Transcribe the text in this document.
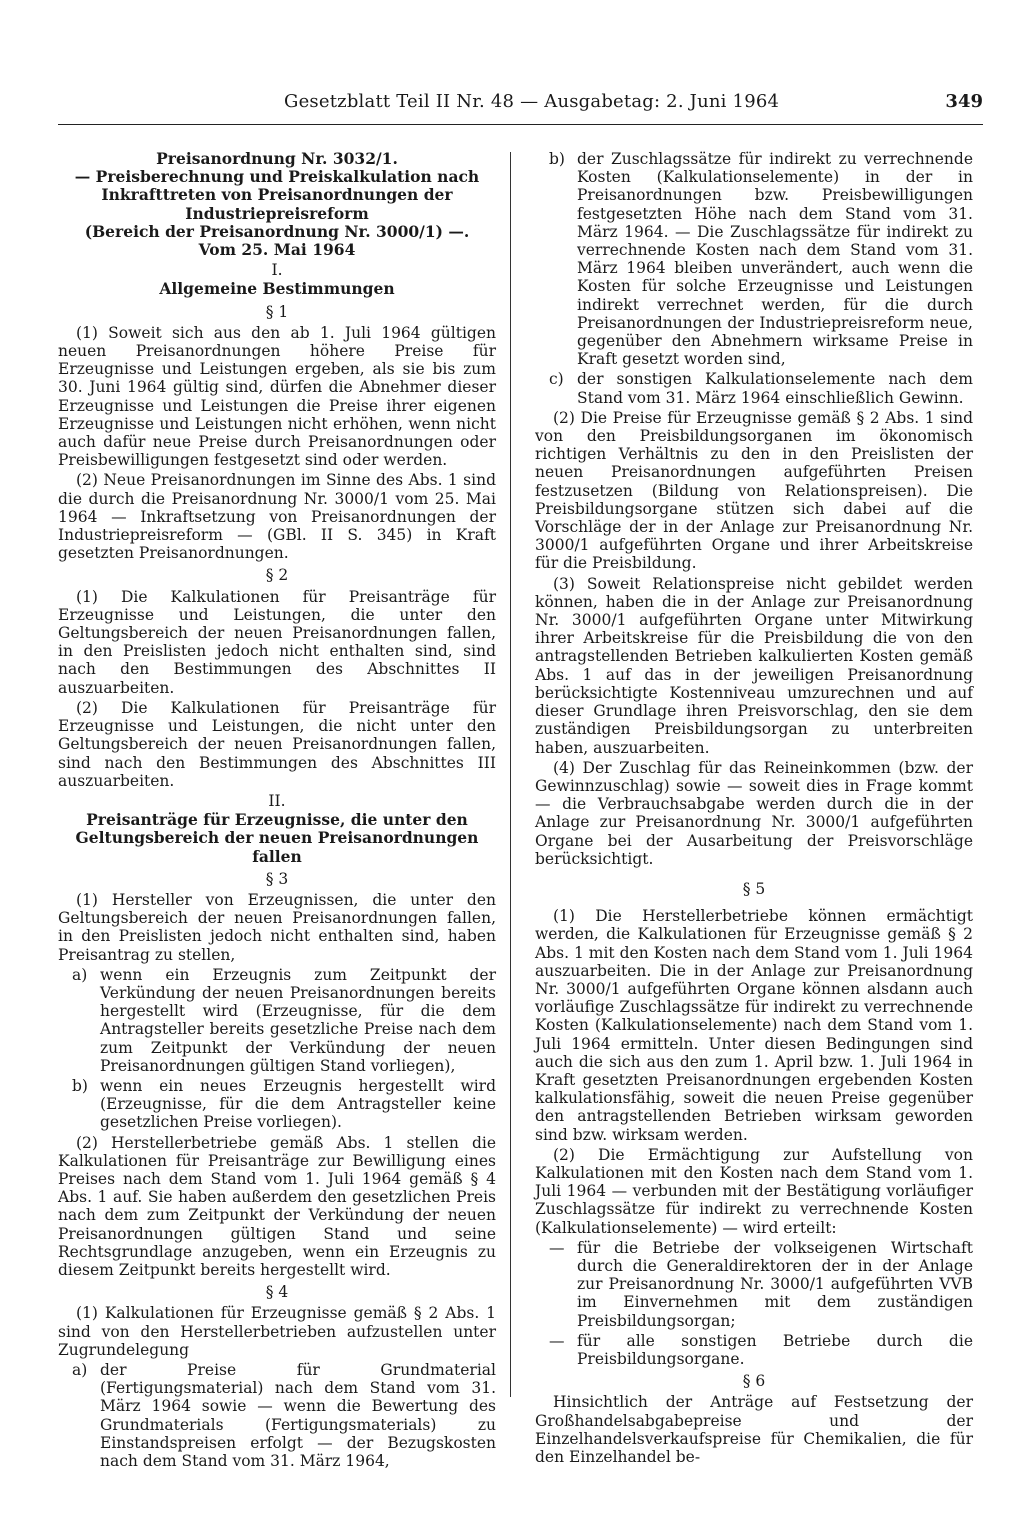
Gesetzblatt Teil II Nr. 48 — Ausgabetag: 2. Juni 1964	349
Preisanordnung Nr. 3032/1.
— Preisberechnung und Preiskalkulation nach Inkrafttreten von Preisanordnungen der Industriepreisreform
(Bereich der Preisanordnung Nr. 3000/1) —.
Vom 25. Mai 1964
I.
Allgemeine Bestimmungen
§ 1

(1) Soweit sich aus den ab 1. Juli 1964 gültigen neuen Preisanordnungen höhere Preise für Erzeugnisse und Leistungen ergeben, als sie bis zum 30. Juni 1964 gültig sind, dürfen die Abnehmer dieser Erzeugnisse und Leistungen die Preise ihrer eigenen Erzeugnisse und Leistungen nicht erhöhen, wenn nicht auch dafür neue Preise durch Preisanordnungen oder Preisbewilligungen festgesetzt sind oder werden.

(2) Neue Preisanordnungen im Sinne des Abs. 1 sind die durch die Preisanordnung Nr. 3000/1 vom 25. Mai 1964 — Inkraftsetzung von Preisanordnungen der Industriepreisreform — (GBl. II S. 345) in Kraft gesetzten Preisanordnungen.

§ 2

(1) Die Kalkulationen für Preisanträge für Erzeugnisse und Leistungen, die unter den Geltungsbereich der neuen Preisanordnungen fallen, in den Preislisten jedoch nicht enthalten sind, sind nach den Bestimmungen des Abschnittes II auszuarbeiten.

(2) Die Kalkulationen für Preisanträge für Erzeugnisse und Leistungen, die nicht unter den Geltungsbereich der neuen Preisanordnungen fallen, sind nach den Bestimmungen des Abschnittes III auszuarbeiten.

II.
Preisanträge für Erzeugnisse, die unter den Geltungsbereich der neuen Preisanordnungen fallen
§ 3

(1) Hersteller von Erzeugnissen, die unter den Geltungsbereich der neuen Preisanordnungen fallen, in den Preislisten jedoch nicht enthalten sind, haben Preisantrag zu stellen,

a) wenn ein Erzeugnis zum Zeitpunkt der Verkündung der neuen Preisanordnungen bereits hergestellt wird (Erzeugnisse, für die dem Antragsteller bereits gesetzliche Preise nach dem zum Zeitpunkt der Verkündung der neuen Preisanordnungen gültigen Stand vorliegen),
b) wenn ein neues Erzeugnis hergestellt wird (Erzeugnisse, für die dem Antragsteller keine gesetzlichen Preise vorliegen).

(2) Herstellerbetriebe gemäß Abs. 1 stellen die Kalkulationen für Preisanträge zur Bewilligung eines Preises nach dem Stand vom 1. Juli 1964 gemäß § 4 Abs. 1 auf. Sie haben außerdem den gesetzlichen Preis nach dem zum Zeitpunkt der Verkündung der neuen Preisanordnungen gültigen Stand und seine Rechtsgrundlage anzugeben, wenn ein Erzeugnis zu diesem Zeitpunkt bereits hergestellt wird.

§ 4

(1) Kalkulationen für Erzeugnisse gemäß § 2 Abs. 1 sind von den Herstellerbetrieben aufzustellen unter Zugrundelegung

a) der Preise für Grundmaterial (Fertigungsmaterial) nach dem Stand vom 31. März 1964 sowie — wenn die Bewertung des Grundmaterials (Fertigungsmaterials) zu Einstandspreisen erfolgt — der Bezugskosten nach dem Stand vom 31. März 1964,
b) der Zuschlagssätze für indirekt zu verrechnende Kosten (Kalkulationselemente) in der in Preisanordnungen bzw. Preisbewilligungen festgesetzten Höhe nach dem Stand vom 31. März 1964. — Die Zuschlagssätze für indirekt zu verrechnende Kosten nach dem Stand vom 31. März 1964 bleiben unverändert, auch wenn die Kosten für solche Erzeugnisse und Leistungen indirekt verrechnet werden, für die durch Preisanordnungen der Industriepreisreform neue, gegenüber den Abnehmern wirksame Preise in Kraft gesetzt worden sind,
c) der sonstigen Kalkulationselemente nach dem Stand vom 31. März 1964 einschließlich Gewinn.

(2) Die Preise für Erzeugnisse gemäß § 2 Abs. 1 sind von den Preisbildungsorganen im ökonomisch richtigen Verhältnis zu den in den Preislisten der neuen Preisanordnungen aufgeführten Preisen festzusetzen (Bildung von Relationspreisen). Die Preisbildungsorgane stützen sich dabei auf die Vorschläge der in der Anlage zur Preisanordnung Nr. 3000/1 aufgeführten Organe und ihrer Arbeitskreise für die Preisbildung.

(3) Soweit Relationspreise nicht gebildet werden können, haben die in der Anlage zur Preisanordnung Nr. 3000/1 aufgeführten Organe unter Mitwirkung ihrer Arbeitskreise für die Preisbildung die von den antragstellenden Betrieben kalkulierten Kosten gemäß Abs. 1 auf das in der jeweiligen Preisanordnung berücksichtigte Kostenniveau umzurechnen und auf dieser Grundlage ihren Preisvorschlag, den sie dem zuständigen Preisbildungsorgan zu unterbreiten haben, auszuarbeiten.

(4) Der Zuschlag für das Reineinkommen (bzw. der Gewinnzuschlag) sowie — soweit dies in Frage kommt — die Verbrauchsabgabe werden durch die in der Anlage zur Preisanordnung Nr. 3000/1 aufgeführten Organe bei der Ausarbeitung der Preisvorschläge berücksichtigt.

§ 5

(1) Die Herstellerbetriebe können ermächtigt werden, die Kalkulationen für Erzeugnisse gemäß § 2 Abs. 1 mit den Kosten nach dem Stand vom 1. Juli 1964 auszuarbeiten. Die in der Anlage zur Preisanordnung Nr. 3000/1 aufgeführten Organe können alsdann auch vorläufige Zuschlagssätze für indirekt zu verrechnende Kosten (Kalkulationselemente) nach dem Stand vom 1. Juli 1964 ermitteln. Unter diesen Bedingungen sind auch die sich aus den zum 1. April bzw. 1. Juli 1964 in Kraft gesetzten Preisanordnungen ergebenden Kosten kalkulationsfähig, soweit die neuen Preise gegenüber den antragstellenden Betrieben wirksam geworden sind bzw. wirksam werden.

(2) Die Ermächtigung zur Aufstellung von Kalkulationen mit den Kosten nach dem Stand vom 1. Juli 1964 — verbunden mit der Bestätigung vorläufiger Zuschlagssätze für indirekt zu verrechnende Kosten (Kalkulationselemente) — wird erteilt:

— für die Betriebe der volkseigenen Wirtschaft durch die Generaldirektoren der in der Anlage zur Preisanordnung Nr. 3000/1 aufgeführten VVB im Einvernehmen mit dem zuständigen Preisbildungsorgan;
— für alle sonstigen Betriebe durch die Preisbildungsorgane.
§ 6

Hinsichtlich der Anträge auf Festsetzung der Großhandelsabgabepreise und der Einzelhandelsverkaufspreise für Chemikalien, die für den Einzelhandel be-
